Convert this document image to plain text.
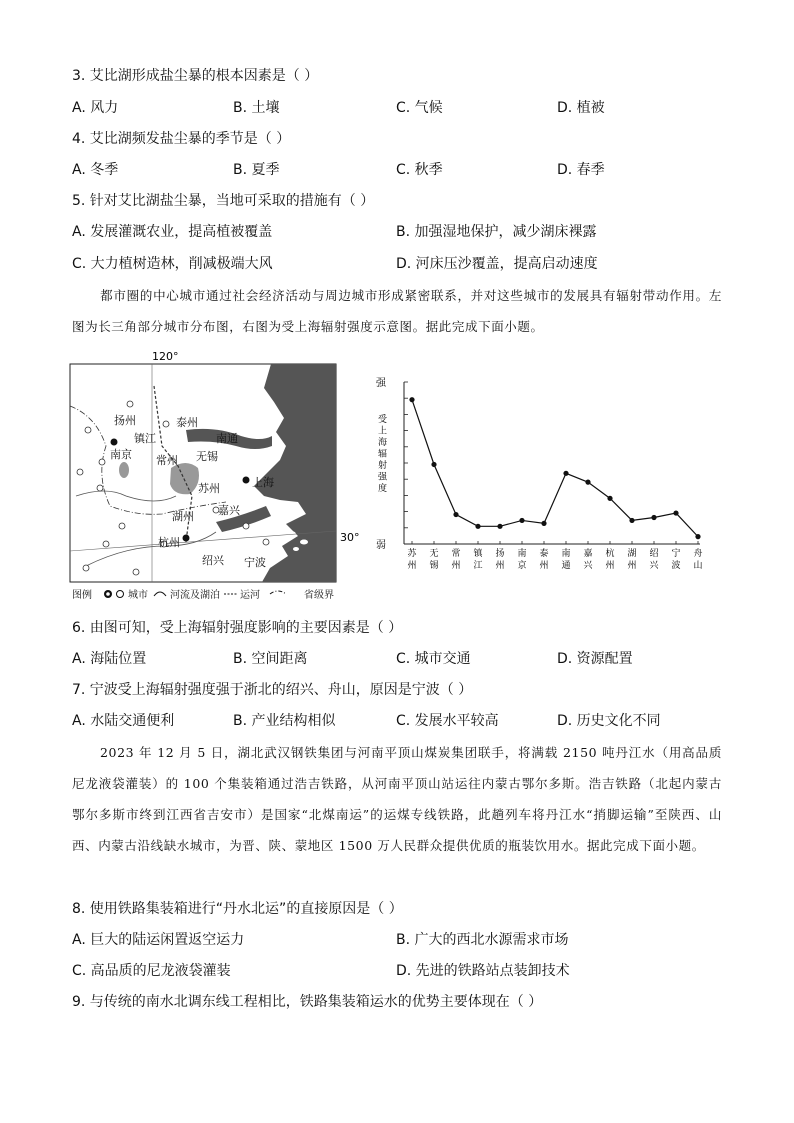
3. 艾比湖形成盐尘暴的根本因素是（ ）
A. 风力	B. 土壤	C. 气候	D. 植被
4. 艾比湖频发盐尘暴的季节是（ ）
A. 冬季	B. 夏季	C. 秋季	D. 春季
5. 针对艾比湖盐尘暴，当地可采取的措施有（ ）
A. 发展灌溉农业，提高植被覆盖	B. 加强湿地保护，减少湖床裸露
C. 大力植树造林，削减极端大风	D. 河床压沙覆盖，提高启动速度
都市圈的中心城市通过社会经济活动与周边城市形成紧密联系，并对这些城市的发展具有辐射带动作用。左图为长三角部分城市分布图，右图为受上海辐射强度示意图。据此完成下面小题。
120°
30°
扬州	泰州
镇江	南通
南京 常州 无锡
苏州	上海
湖州 嘉兴
杭州
绍兴 宁波
图例	城市 河流及湖泊 运河	省级界
苏
州
无
锡
常
州
镇
江
扬
州
南
京
泰
州
南
通
嘉
兴
杭
州
湖
州
绍
兴
宁
波
舟
山
强
弱
受
上
海
辐
射
强
度
6. 由图可知，受上海辐射强度影响的主要因素是（ ）
A. 海陆位置	B. 空间距离	C. 城市交通	D. 资源配置
7. 宁波受上海辐射强度强于浙北的绍兴、舟山，原因是宁波（ ）
A. 水陆交通便利	B. 产业结构相似	C. 发展水平较高	D. 历史文化不同
2023 年 12 月 5 日，湖北武汉钢铁集团与河南平顶山煤炭集团联手，将满载 2150 吨丹江水（用高品质尼龙液袋灌装）的 100 个集装箱通过浩吉铁路，从河南平顶山站运往内蒙古鄂尔多斯。浩吉铁路（北起内蒙古鄂尔多斯市终到江西省吉安市）是国家“北煤南运”的运煤专线铁路，此趟列车将丹江水“捎脚运输”至陕西、山西、内蒙古沿线缺水城市，为晋、陕、蒙地区 1500 万人民群众提供优质的瓶装饮用水。据此完成下面小题。
8. 使用铁路集装箱进行“丹水北运”的直接原因是（ ）
A. 巨大的陆运闲置返空运力	B. 广大的西北水源需求市场
C. 高品质的尼龙液袋灌装	D. 先进的铁路站点装卸技术
9. 与传统的南水北调东线工程相比，铁路集装箱运水的优势主要体现在（ ）
